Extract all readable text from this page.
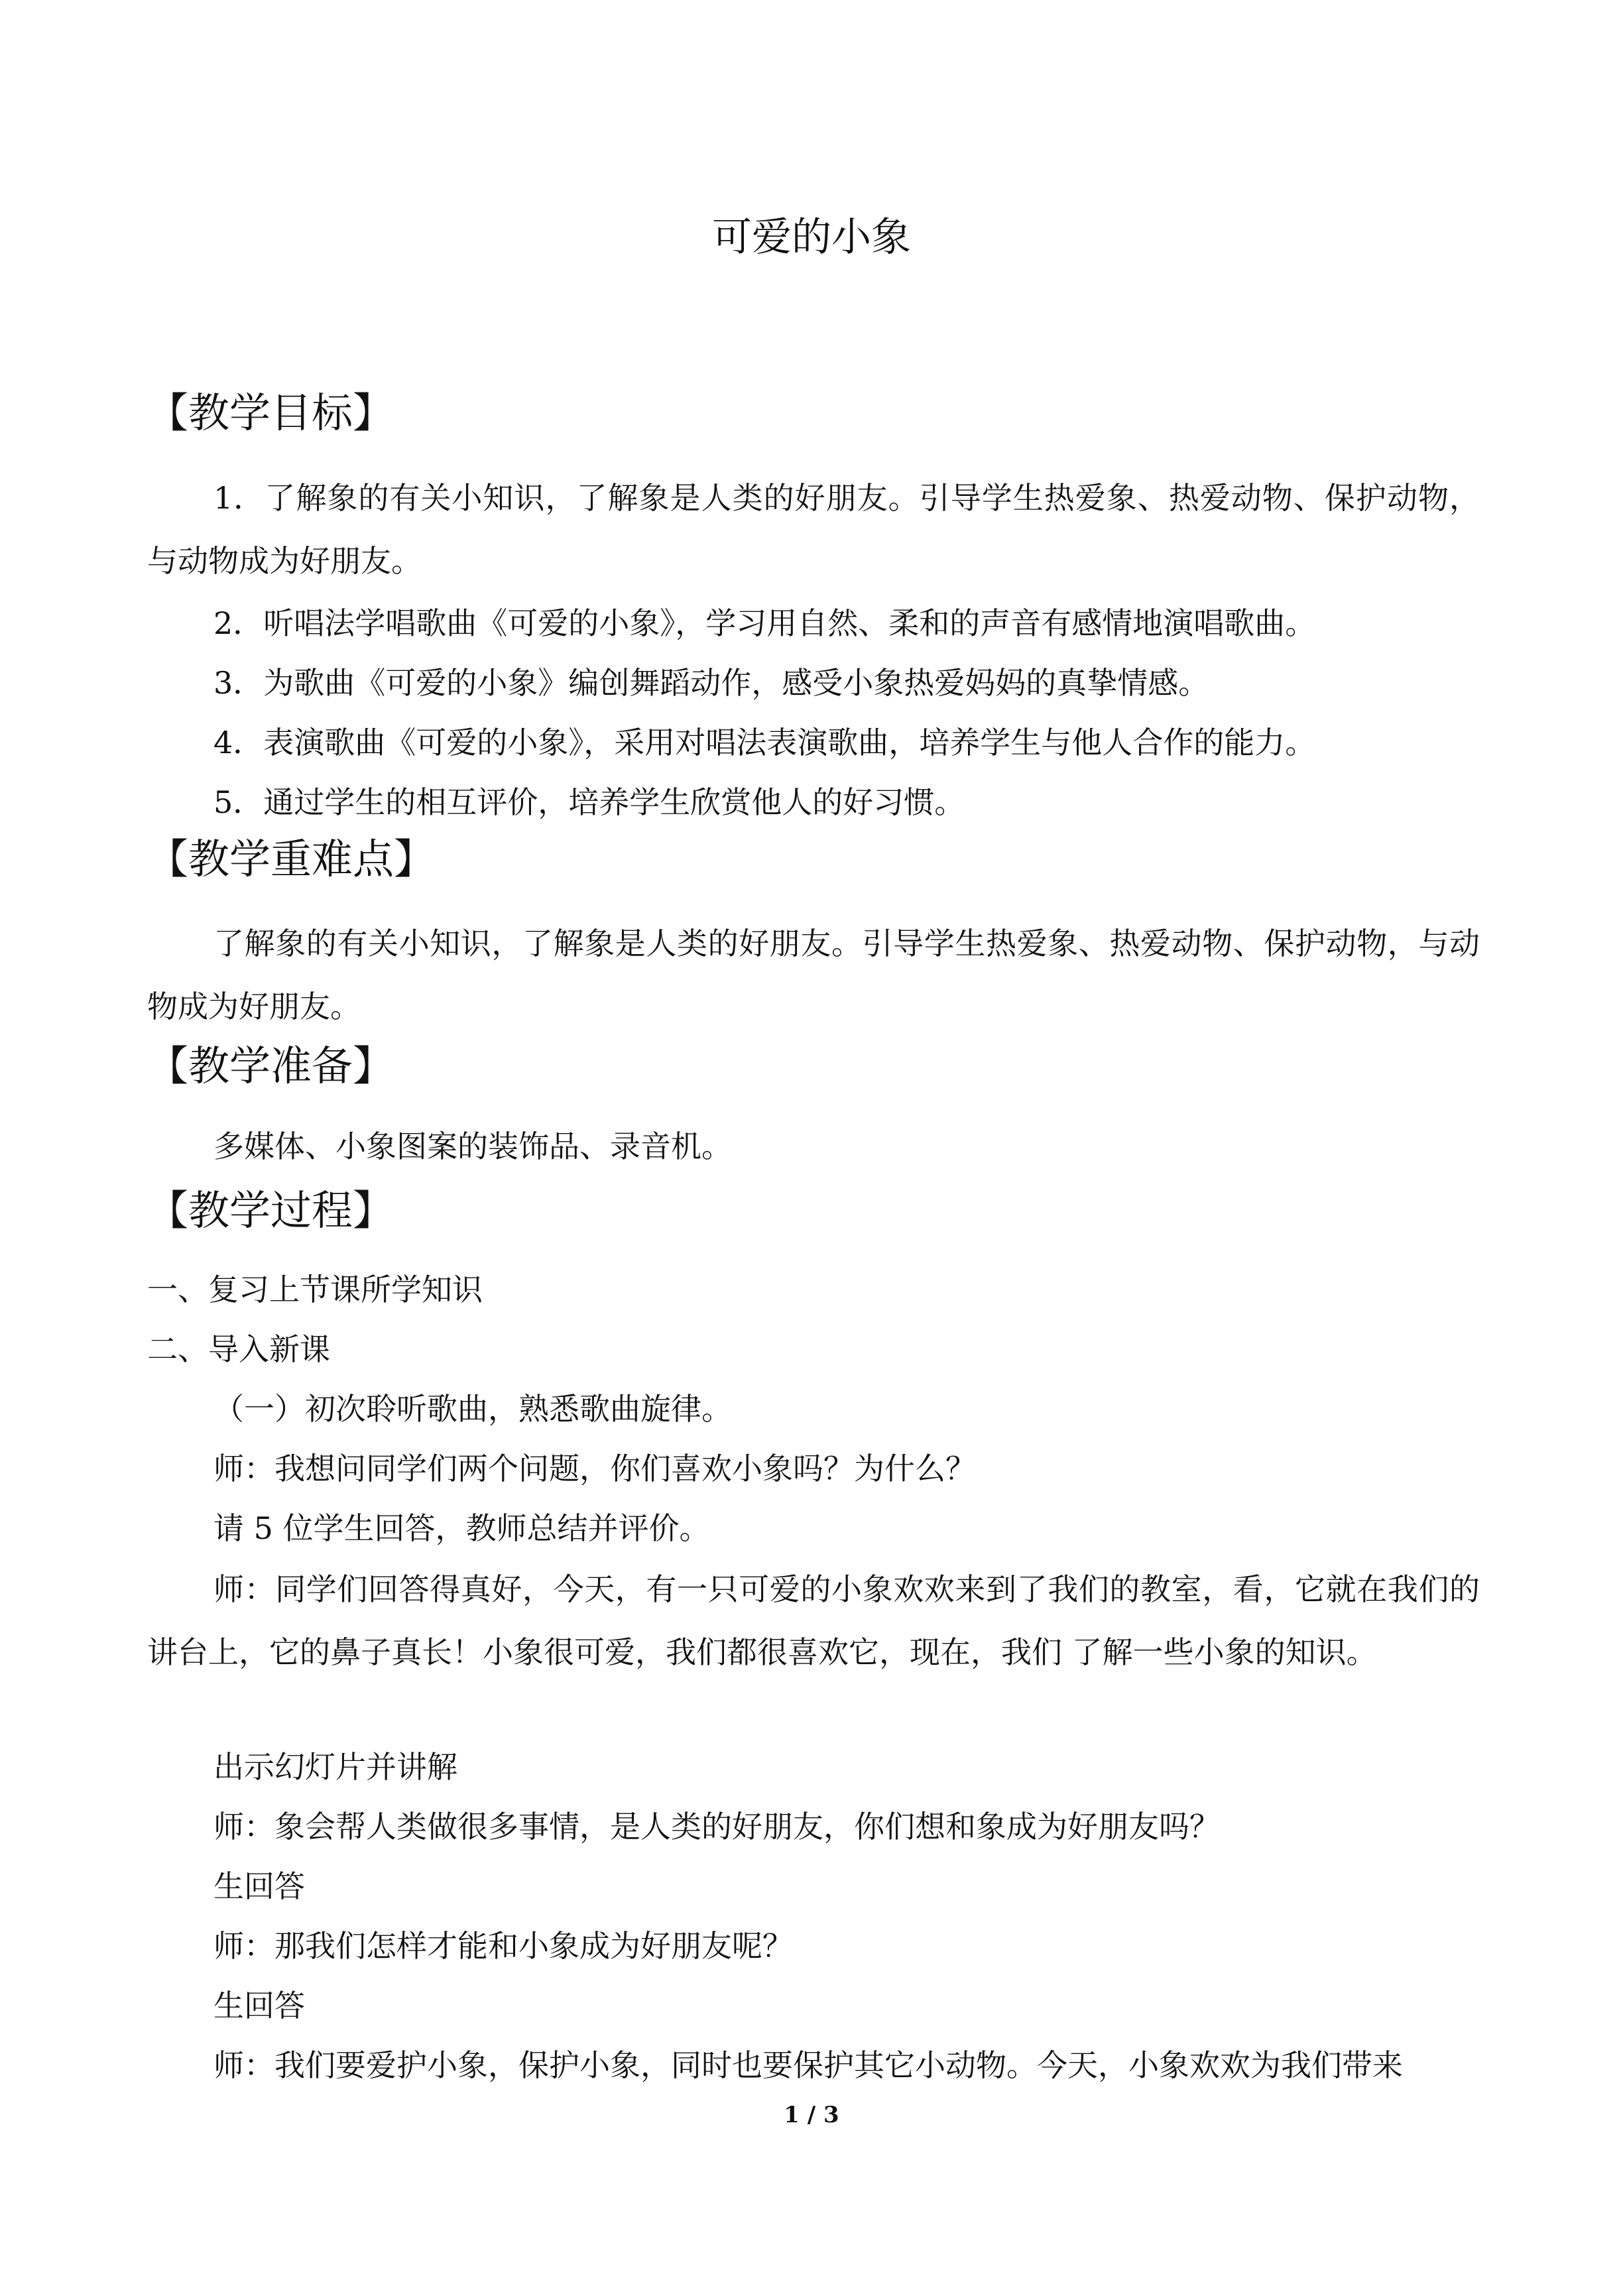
可爱的小象
【教学目标】

1．了解象的有关小知识，了解象是人类的好朋友。引导学生热爱象、热爱动物、保护动物，与动物成为好朋友。

2．听唱法学唱歌曲《可爱的小象》，学习用自然、柔和的声音有感情地演唱歌曲。
3．为歌曲《可爱的小象》编创舞蹈动作，感受小象热爱妈妈的真挚情感。
4．表演歌曲《可爱的小象》，采用对唱法表演歌曲，培养学生与他人合作的能力。
5．通过学生的相互评价，培养学生欣赏他人的好习惯。
【教学重难点】

了解象的有关小知识，了解象是人类的好朋友。引导学生热爱象、热爱动物、保护动物，与动物成为好朋友。

【教学准备】
多媒体、小象图案的装饰品、录音机。
【教学过程】
一、复习上节课所学知识
二、导入新课
（一）初次聆听歌曲，熟悉歌曲旋律。
师：我想问同学们两个问题，你们喜欢小象吗？为什么？
请 5 位学生回答，教师总结并评价。

师：同学们回答得真好，今天，有一只可爱的小象欢欢来到了我们的教室，看，它就在我们的讲台上，它的鼻子真长！小象很可爱，我们都很喜欢它，现在，我们 了解一些小象的知识。

出示幻灯片并讲解
师：象会帮人类做很多事情，是人类的好朋友，你们想和象成为好朋友吗？
生回答
师：那我们怎样才能和小象成为好朋友呢？
生回答
师：我们要爱护小象，保护小象，同时也要保护其它小动物。今天，小象欢欢为我们带来
1 / 3
